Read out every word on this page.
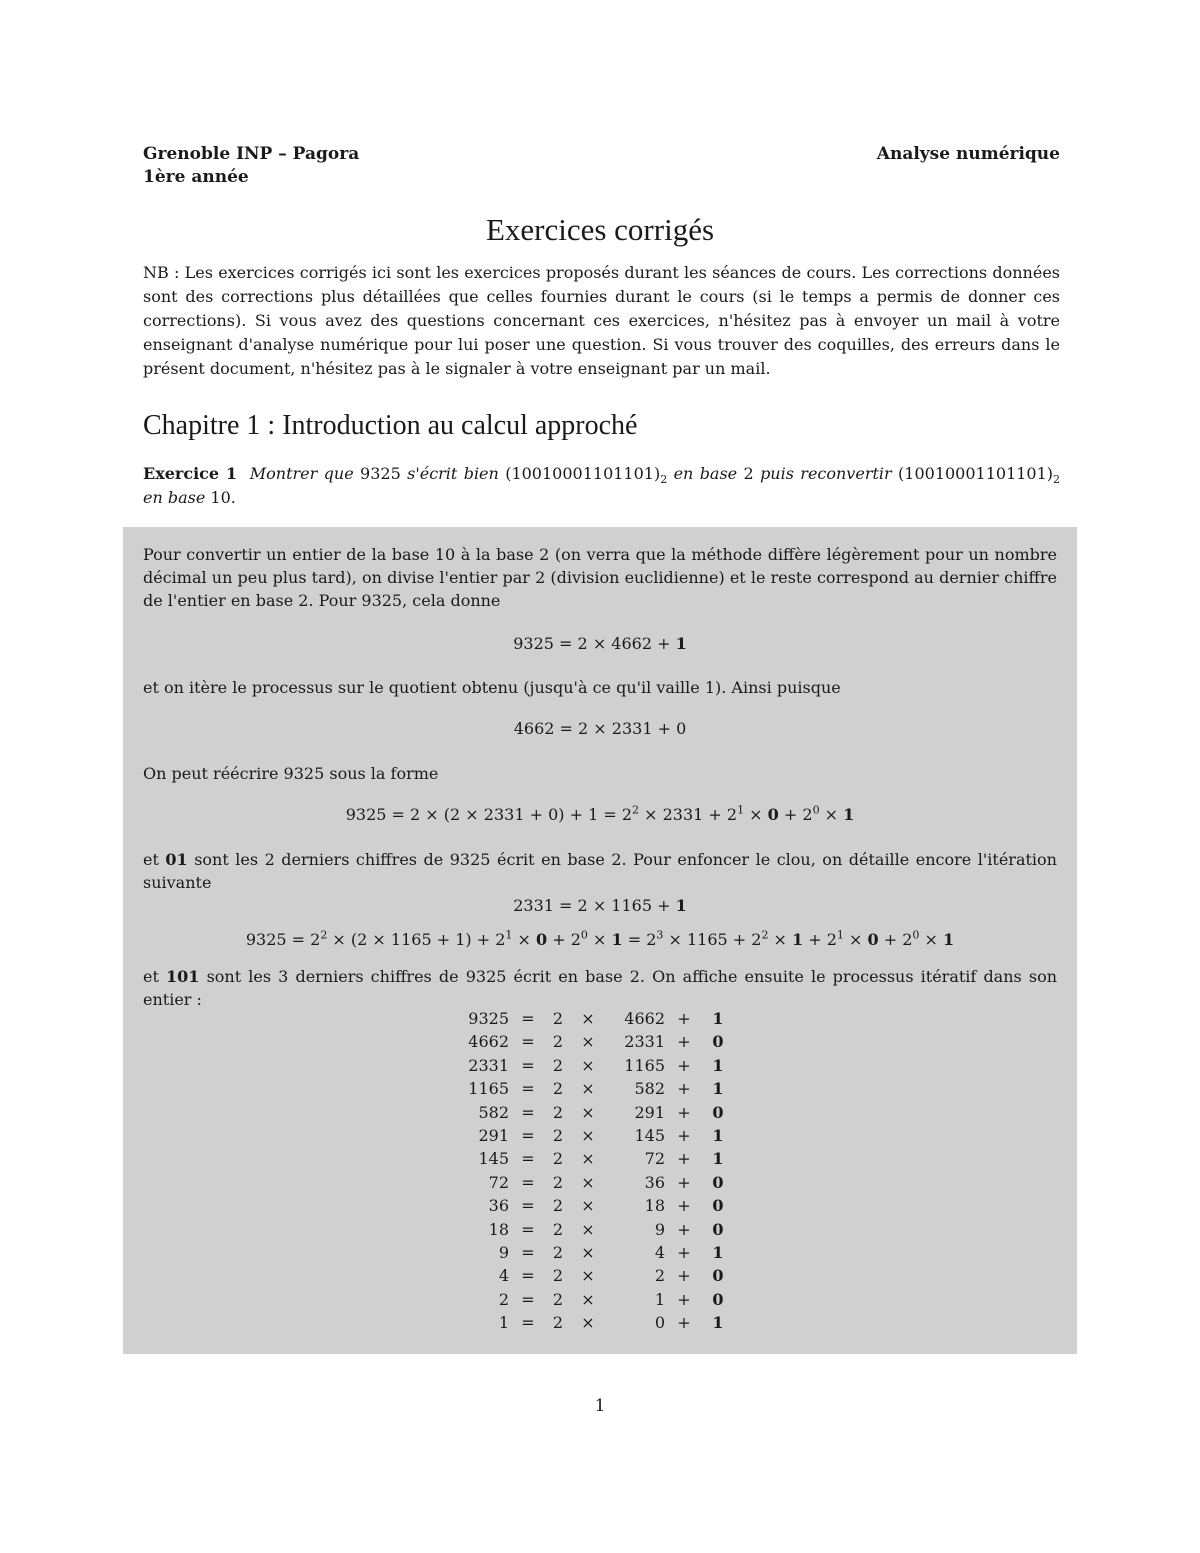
Grenoble INP – Pagora
1ère année
Analyse numérique
Exercices corrigés
NB : Les exercices corrigés ici sont les exercices proposés durant les séances de cours. Les corrections données sont des corrections plus détaillées que celles fournies durant le cours (si le temps a permis de donner ces corrections). Si vous avez des questions concernant ces exercices, n'hésitez pas à envoyer un mail à votre enseignant d'analyse numérique pour lui poser une question. Si vous trouver des coquilles, des erreurs dans le présent document, n'hésitez pas à le signaler à votre enseignant par un mail.
Chapitre 1 : Introduction au calcul approché
Exercice 1 Montrer que 9325 s'écrit bien $(10010001101101)_2$ en base 2 puis reconvertir $(10010001101101)_2$ en base 10.
Pour convertir un entier de la base 10 à la base 2 (on verra que la méthode diffère légèrement pour un nombre décimal un peu plus tard), on divise l'entier par 2 (division euclidienne) et le reste correspond au dernier chiffre de l'entier en base 2. Pour 9325, cela donne
9325 = 2 × 4662 + 1
et on itère le processus sur le quotient obtenu (jusqu'à ce qu'il vaille 1). Ainsi puisque
4662 = 2 × 2331 + 0
On peut réécrire 9325 sous la forme
$9325 = 2 \times (2 \times 2331 + 0) + 1 = 2^2 \times 2331 + 2^1 \times 0 + 2^0 \times 1$
et 01 sont les 2 derniers chiffres de 9325 écrit en base 2. Pour enfoncer le clou, on détaille encore l'itération suivante
2331 = 2 × 1165 + 1
$9325 = 2^2 \times (2 \times 1165 + 1) + 2^1 \times 0 + 2^0 \times 1 = 2^3 \times 1165 + 2^2 \times 1 + 2^1 \times 0 + 2^0 \times 1$
et 101 sont les 3 derniers chiffres de 9325 écrit en base 2. On affiche ensuite le processus itératif dans son entier :
9325	=	2	×	4662	+	1
4662	=	2	×	2331	+	0
2331	=	2	×	1165	+	1
1165	=	2	×	582	+	1
582	=	2	×	291	+	0
291	=	2	×	145	+	1
145	=	2	×	72	+	1
72	=	2	×	36	+	0
36	=	2	×	18	+	0
18	=	2	×	9	+	0
9	=	2	×	4	+	1
4	=	2	×	2	+	0
2	=	2	×	1	+	0
1	=	2	×	0	+	1
1
